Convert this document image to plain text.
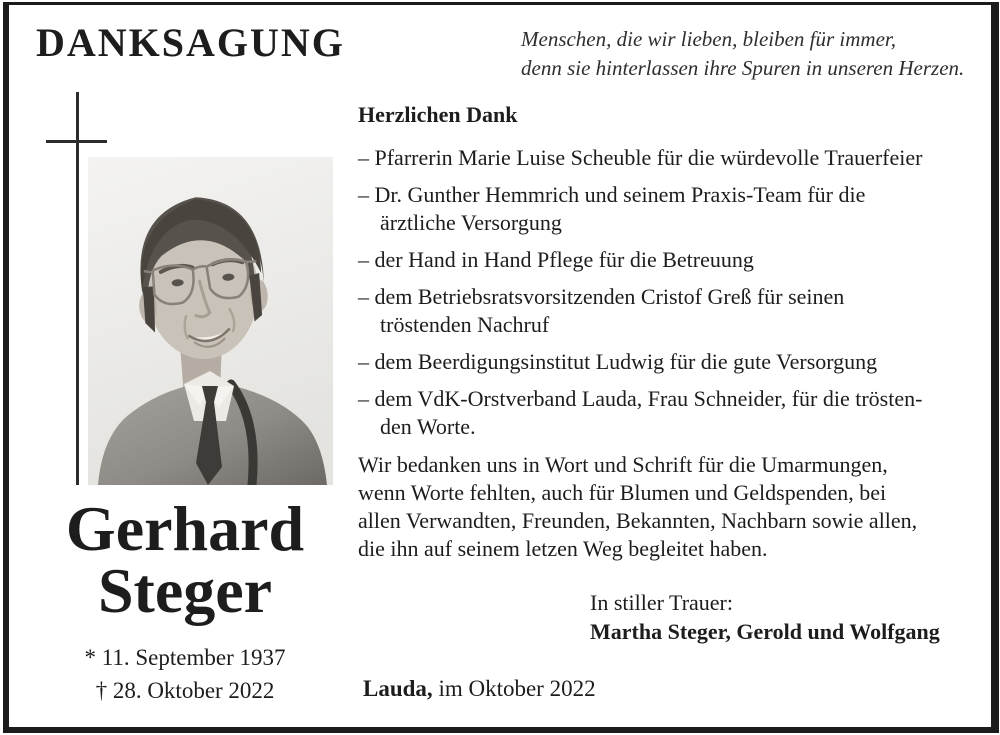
DANKSAGUNG	Menschen, die wir lieben, bleiben für immer,
denn sie hinterlassen ihre Spuren in unseren Herzen.
Gerhard
Steger
* 11. September 1937
† 28. Oktober 2022
Herzlichen Dank
– Pfarrerin Marie Luise Scheuble für die würdevolle Trauerfeier
– Dr. Gunther Hemmrich und seinem Praxis-Team für die
ärztliche Versorgung
– der Hand in Hand Pflege für die Betreuung
– dem Betriebsratsvorsitzenden Cristof Greß für seinen
tröstenden Nachruf
– dem Beerdigungsinstitut Ludwig für die gute Versorgung
– dem VdK-Orstverband Lauda, Frau Schneider, für die trösten-
den Worte.
Wir bedanken uns in Wort und Schrift für die Umarmungen,
wenn Worte fehlten, auch für Blumen und Geldspenden, bei
allen Verwandten, Freunden, Bekannten, Nachbarn sowie allen,
die ihn auf seinem letzen Weg begleitet haben.
In stiller Trauer:
Martha Steger, Gerold und Wolfgang
Lauda, im Oktober 2022
